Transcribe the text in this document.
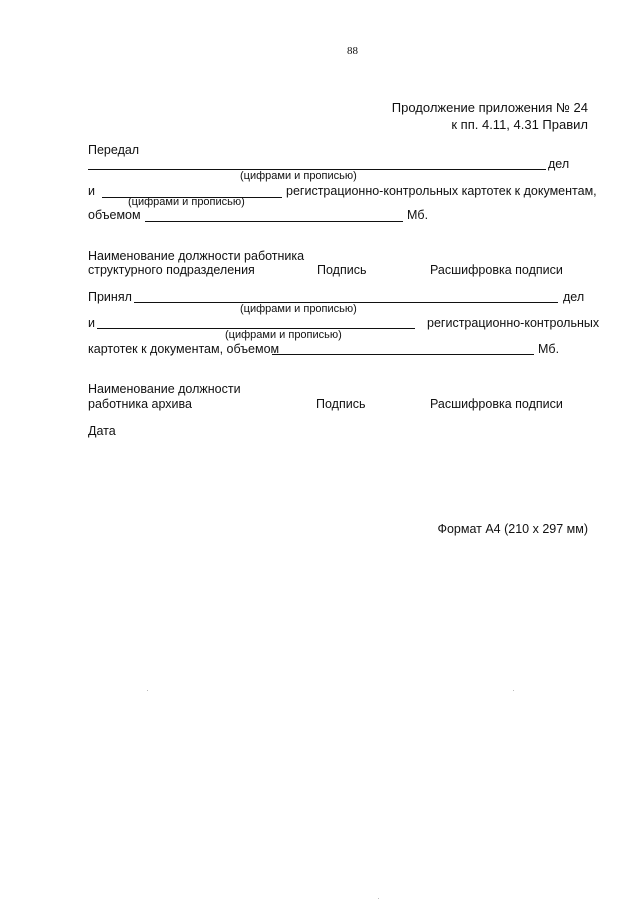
88
Продолжение приложения № 24
к пп. 4.11, 4.31 Правил
Передал
дел
(цифрами и прописью)
и	регистрационно-контрольных картотек к документам,
(цифрами и прописью)
объемом	Мб.
Наименование должности работника
структурного подразделения	Подпись	Расшифровка подписи
Принял	дел
(цифрами и прописью)
и	регистрационно-контрольных
(цифрами и прописью)
картотек к документам, объемом	Мб.
Наименование должности
работника архива	Подпись	Расшифровка подписи
Дата
Формат А4 (210 х 297 мм)
